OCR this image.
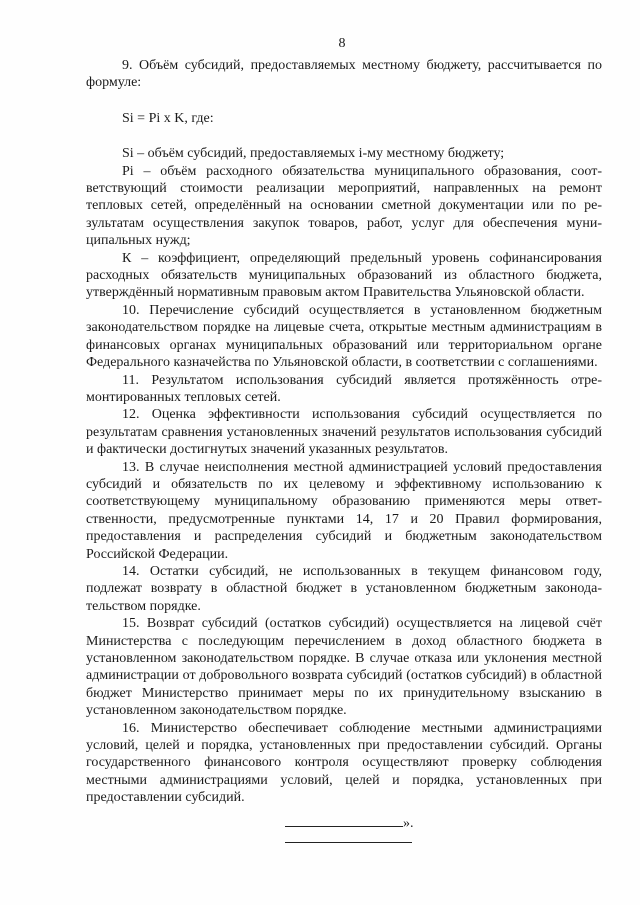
8

9. Объём субсидий, предоставляемых местному бюджету, рассчитывается по формуле:

Si = Pi x K, где:

Si – объём субсидий, предоставляемых i-му местному бюджету;

Pi – объём расходного обязательства муниципального образования, соответствующий стоимости реализации мероприятий, направленных на ремонт тепловых сетей, определённый на основании сметной документации или по результатам осуществления закупок товаров, работ, услуг для обеспечения муниципальных нужд;

К – коэффициент, определяющий предельный уровень софинансирования расходных обязательств муниципальных образований из областного бюджета, утверждённый нормативным правовым актом Правительства Ульяновской области.

10. Перечисление субсидий осуществляется в установленном бюджетным законодательством порядке на лицевые счета, открытые местным администрациям в финансовых органах муниципальных образований или территориальном органе Федерального казначейства по Ульяновской области, в соответствии с соглашениями.

11. Результатом использования субсидий является протяжённость отремонтированных тепловых сетей.

12. Оценка эффективности использования субсидий осуществляется по результатам сравнения установленных значений результатов использования субсидий и фактически достигнутых значений указанных результатов.

13. В случае неисполнения местной администрацией условий предоставления субсидий и обязательств по их целевому и эффективному использованию к соответствующему муниципальному образованию применяются меры ответственности, предусмотренные пунктами 14, 17 и 20 Правил формирования, предоставления и распределения субсидий и бюджетным законодательством Российской Федерации.

14. Остатки субсидий, не использованных в текущем финансовом году, подлежат возврату в областной бюджет в установленном бюджетным законодательством порядке.

15. Возврат субсидий (остатков субсидий) осуществляется на лицевой счёт Министерства с последующим перечислением в доход областного бюджета в установленном законодательством порядке. В случае отказа или уклонения местной администрации от добровольного возврата субсидий (остатков субсидий) в областной бюджет Министерство принимает меры по их принудительному взысканию в установленном законодательством порядке.

16. Министерство обеспечивает соблюдение местными администрациями условий, целей и порядка, установленных при предоставлении субсидий. Органы государственного финансового контроля осуществляют проверку соблюдения местными администрациями условий, целей и порядка, установленных при предоставлении субсидий.

».
